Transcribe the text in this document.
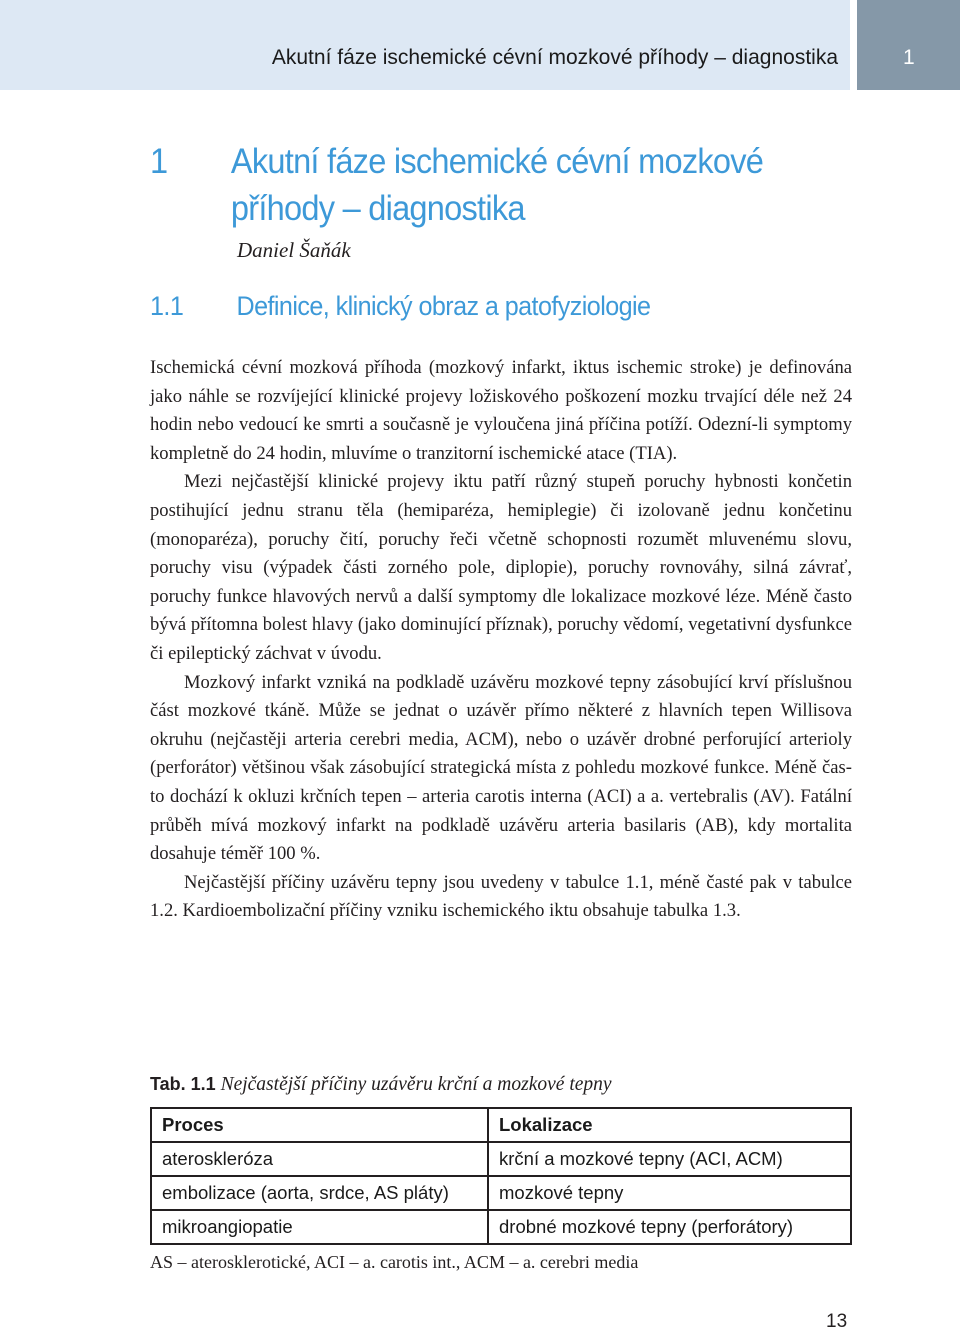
Akutní fáze ischemické cévní mozkové příhody – diagnostika	1
1 Akutní fáze ischemické cévní mozkové
příhody – diagnostika
Daniel Šaňák
1.1 Definice, klinický obraz a patofyziologie

Ischemická cévní mozková příhoda (mozkový infarkt, iktus ischemic stroke) je definována jako náhle se rozvíjející klinické projevy ložiskového poškození mozku trvající déle než 24 hodin nebo vedoucí ke smrti a současně je vyloučena jiná příčina potíží. Odezní-li symptomy kompletně do 24 hodin, mluvíme o tranzitorní ischemické atace (TIA).

Mezi nejčastější klinické projevy iktu patří různý stupeň poruchy hybnosti končetin postihující jednu stranu těla (hemiparéza, hemiplegie) či izolovaně jednu končetinu (monoparéza), poruchy čití, poruchy řeči včetně schopnosti rozumět mluvenému slovu, poruchy visu (výpadek části zorného pole, diplopie), poruchy rovnováhy, silná závrať, poruchy funkce hlavových nervů a další symptomy dle lokalizace mozkové léze. Méně často bývá přítomna bolest hlavy (jako dominující příznak), poruchy vědomí, vegetativní dysfunkce či epileptický záchvat v úvodu.

Mozkový infarkt vzniká na podkladě uzávěru mozkové tepny zásobující krví příslušnou část mozkové tkáně. Může se jednat o uzávěr přímo některé z hlavních tepen Willisova okruhu (nejčastěji arteria cerebri media, ACM), nebo o uzávěr drobné perforující arterioly (perforátor) většinou však zásobující strategická místa z pohledu mozkové funkce. Méně často dochází k okluzi krčních tepen – arteria carotis interna (ACI) a a. vertebralis (AV). Fatální průběh mívá mozkový infarkt na podkladě uzávěru arteria basilaris (AB), kdy mortalita dosahuje téměř 100 %.

Nejčastější příčiny uzávěru tepny jsou uvedeny v tabulce 1.1, méně časté pak v tabulce 1.2. Kardioembolizační příčiny vzniku ischemického iktu obsahuje tabulka 1.3.

Tab. 1.1 Nejčastější příčiny uzávěru krční a mozkové tepny
Proces	Lokalizace
ateroskleróza	krční a mozkové tepny (ACI, ACM)
embolizace (aorta, srdce, AS pláty)	mozkové tepny
mikroangiopatie	drobné mozkové tepny (perforátory)
AS – aterosklerotické, ACI – a. carotis int., ACM – a. cerebri media
13
